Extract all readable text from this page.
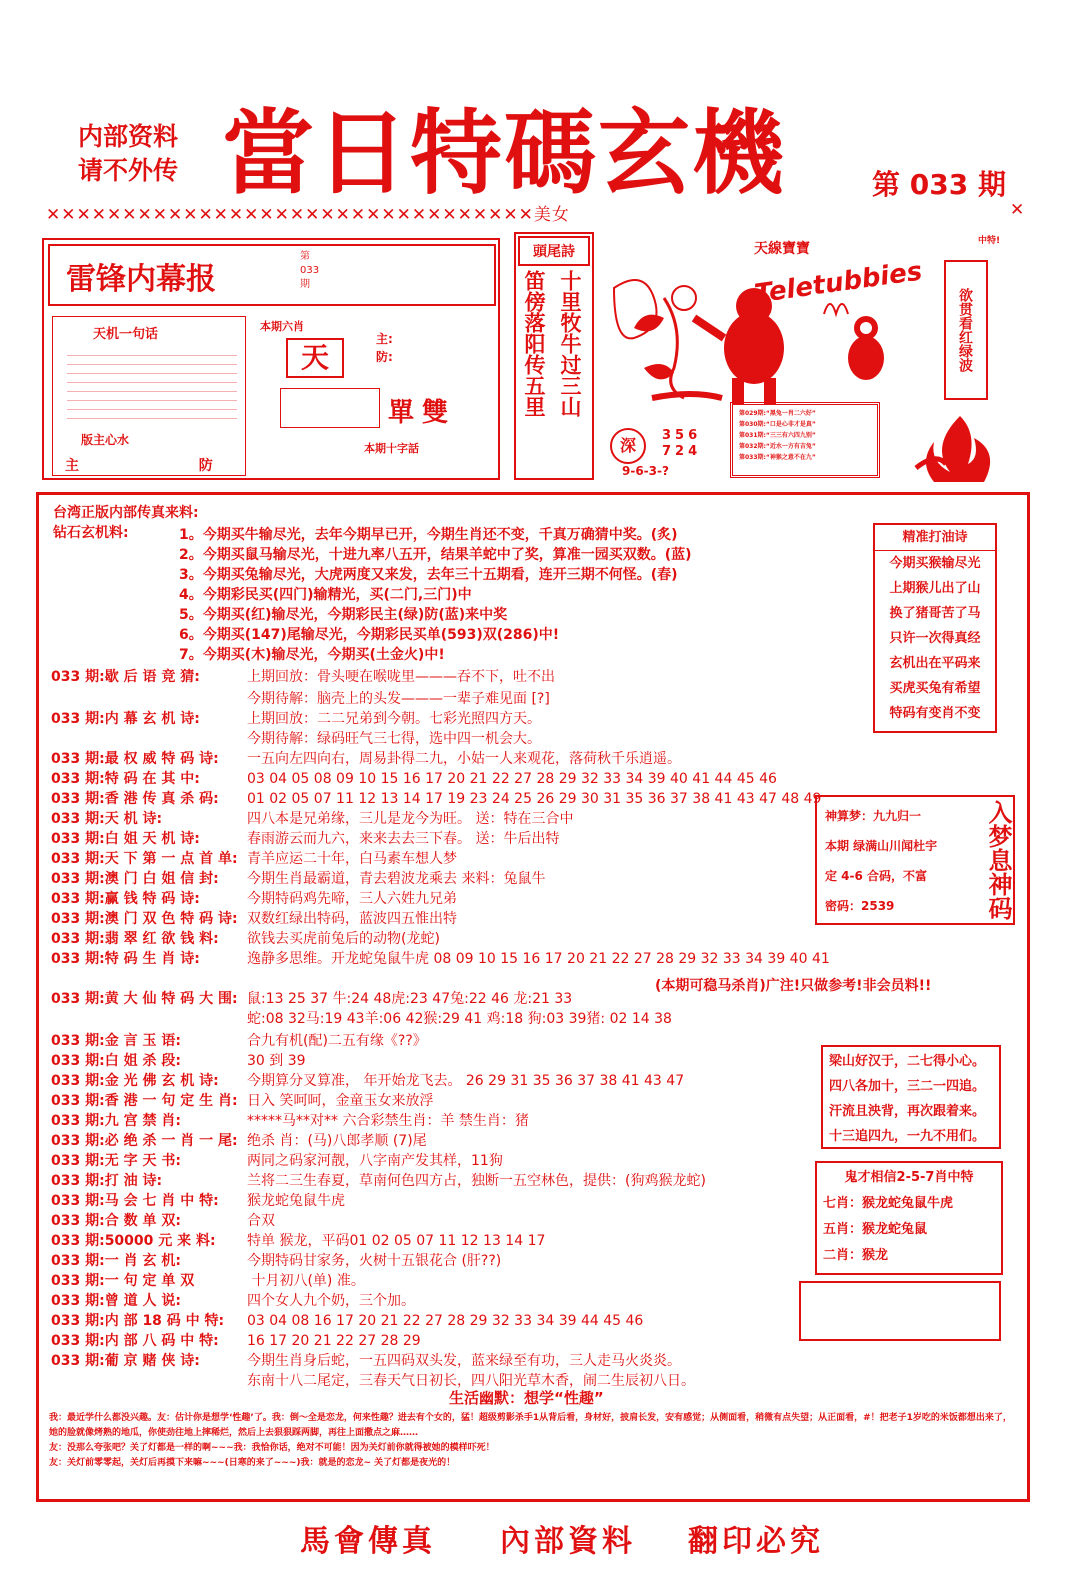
内部资料
请不外传 當日特碼玄機	第 033 期
✕✕✕✕✕✕✕✕✕✕✕✕✕✕✕✕✕✕✕✕✕✕✕✕✕✕✕✕✕✕✕✕美女	✕
雷锋内幕报
第
033
期
天机一句话
版主心水
主	防
本期六肖
天
主:
防:
單雙
本期十字話
頭尾詩
十里牧牛过三山
笛傍落阳传五里
天線寶寶
Teletubbies
第029期:“黑兔一肖二六好”
第030期:“口是心非才是真”
第031期:“三三有六四九别”
第032期:“近水一方有吉兔”
第033期:“神猴之意不在九”
深
356
724
9-6-3-?
中特!
欲贯看红绿波
台湾正版内部传真来料:
钻石玄机料:	1。今期买牛输尽光，去年今期早已开，今期生肖还不变，千真万确猜中奖。(炙)
2。今期买鼠马输尽光，十进九率八五开，结果羊蛇中了奖，算准一园买双数。(蓝)
3。今期买兔输尽光，大虎两度又来发，去年三十五期看，连开三期不何怪。(春)
4。今期彩民买(四门)输精光，买(二门,三门)中
5。今期买(红)输尽光，今期彩民主(绿)防(蓝)来中奖
6。今期买(147)尾输尽光，今期彩民买单(593)双(286)中!
7。今期买(木)输尽光，今期买(土金火)中!
033 期:歇 后 语 竞 猜:	上期回放：骨头哽在喉咙里———吞不下，吐不出
今期待解：脑壳上的头发———一辈子难见面 [?]
033 期:内 幕 玄 机 诗:	上期回放：二二兄弟到今朝。七彩光照四方天。
今期待解：绿码旺气三七得，选中四一机会大。
033 期:最 权 威 特 码 诗: 一五向左四向右，周易卦得二九，小姑一人来观花，落荷秋千乐逍遥。
033 期:特 码 在 其 中:	03 04 05 08 09 10 15 16 17 20 21 22 27 28 29 32 33 34 39 40 41 44 45 46
033 期:香 港 传 真 杀 码: 01 02 05 07 11 12 13 14 17 19 23 24 25 26 29 30 31 35 36 37 38 41 43 47 48 49
033 期:天 机 诗:	四八本是兄弟缘，三儿是龙今为旺。 送：特在三合中
033 期:白 姐 天 机 诗:	春雨游云而九六，来来去去三下春。 送：牛后出特
033 期:天 下 第 一 点 首 单: 青羊应运二十年，白马素车想人梦
033 期:澳 门 白 姐 信 封: 今期生肖最霸道，青去碧波龙乘去 来料：兔鼠牛
033 期:赢 钱 特 码 诗:	今期特码鸡先啼，三人六姓九兄弟
033 期:澳 门 双 色 特 码 诗: 双数红绿出特码，蓝波四五惟出特
033 期:翡 翠 红 欲 钱 料: 欲钱去买虎前兔后的动物(龙蛇)
033 期:特 码 生 肖 诗:	逸静多思维。开龙蛇兔鼠牛虎 08 09 10 15 16 17 20 21 22 27 28 29 32 33 34 39 40 41
033 期:黄 大 仙 特 码 大 围: 鼠:13 25 37 牛:24 48虎:23 47兔:22 46 龙:21 33
蛇:08 32马:19 43羊:06 42猴:29 41 鸡:18 狗:03 39猪: 02 14 38
033 期:金 言 玉 语:	合九有机(配)二五有缘《??》
033 期:白 姐 杀 段:	30 到 39
033 期:金 光 佛 玄 机 诗: 今期算分叉算准， 年开始龙飞去。 26 29 31 35 36 37 38 41 43 47
033 期:香 港 一 句 定 生 肖: 日入 笑呵呵，金童玉女来放浮
033 期:九 宫 禁 肖:	*****马**对** 六合彩禁生肖：羊 禁生肖：猪
033 期:必 绝 杀 一 肖 一 尾: 绝杀 肖：(马)八郎孝顺 (7)尾
033 期:无 字 天 书:	两同之码家河靓，八字南产发其样，11狗
033 期:打 油 诗:	兰将二三生春夏，草南何色四方占，独断一五空林色，提供：(狗鸡猴龙蛇)
033 期:马 会 七 肖 中 特: 猴龙蛇兔鼠牛虎
033 期:合 数 单 双:	合双
033 期:50000 元 来 料: 特单 猴龙，平码01 02 05 07 11 12 13 14 17
033 期:一 肖 玄 机:	今期特码甘家务，火树十五银花合 (肝??)
033 期:一 句 定 单 双	十月初八(单) 准。
033 期:曾 道 人 说:	四个女人九个奶，三个加。
033 期:内 部 18 码 中 特: 03 04 08 16 17 20 21 22 27 28 29 32 33 34 39 44 45 46
033 期:内 部 八 码 中 特: 16 17 20 21 22 27 28 29
033 期:葡 京 赌 侠 诗:	今期生肖身后蛇，一五四码双头发，蓝来绿至有功，三人走马火炎炎。
东南十八二尾定，三春天气日初长，四八阳光草木香，闹二生辰初八日。
精准打油诗
今期买猴输尽光
上期猴儿出了山
换了猪哥苦了马
只许一次得真经
玄机出在平码来
买虎买兔有希望
特码有变肖不变
神算梦：九九归一
本期 绿满山川闻杜宇
定 4-6 合码，不富
密码：2539	入梦息神码
(本期可稳马杀肖)广注!只做参考!非会员料!!
梁山好汉于，二七得小心。
四八各加十，三二一四追。
汗流且泱背，再次跟着来。
十三追四九，一九不用们。
鬼才相信2-5-7肖中特
七肖：猴龙蛇兔鼠牛虎
五肖：猴龙蛇兔鼠
二肖：猴龙
生活幽默：想学“性趣”
我：最近学什么都没兴趣。友：估计你是想学‘性趣’了。我：倒～全是恋龙，何来性趣？进去有个女的，猛！超级剪影杀手1从背后看，身材好，披肩长发，安有感觉；从侧面看，稍微有点失望；从正面看，#！把老子1岁吃的米饭都想出来了，她的脸就像烤熟的地瓜，你使劲往地上摔稀烂，然后上去狠狠踩两脚，再往上面撒点之麻……
友：没那么夸张吧？关了灯都是一样的啊~~~我：我恰你话，绝对不可能！因为关灯前你就得被她的模样吓死！
友：关灯前零零起，关灯后再摸下来嘛~~~(日寒的来了~~~)我：就是的恋龙~ 关了灯都是夜光的！
馬會傳真 內部資料 翻印必究
